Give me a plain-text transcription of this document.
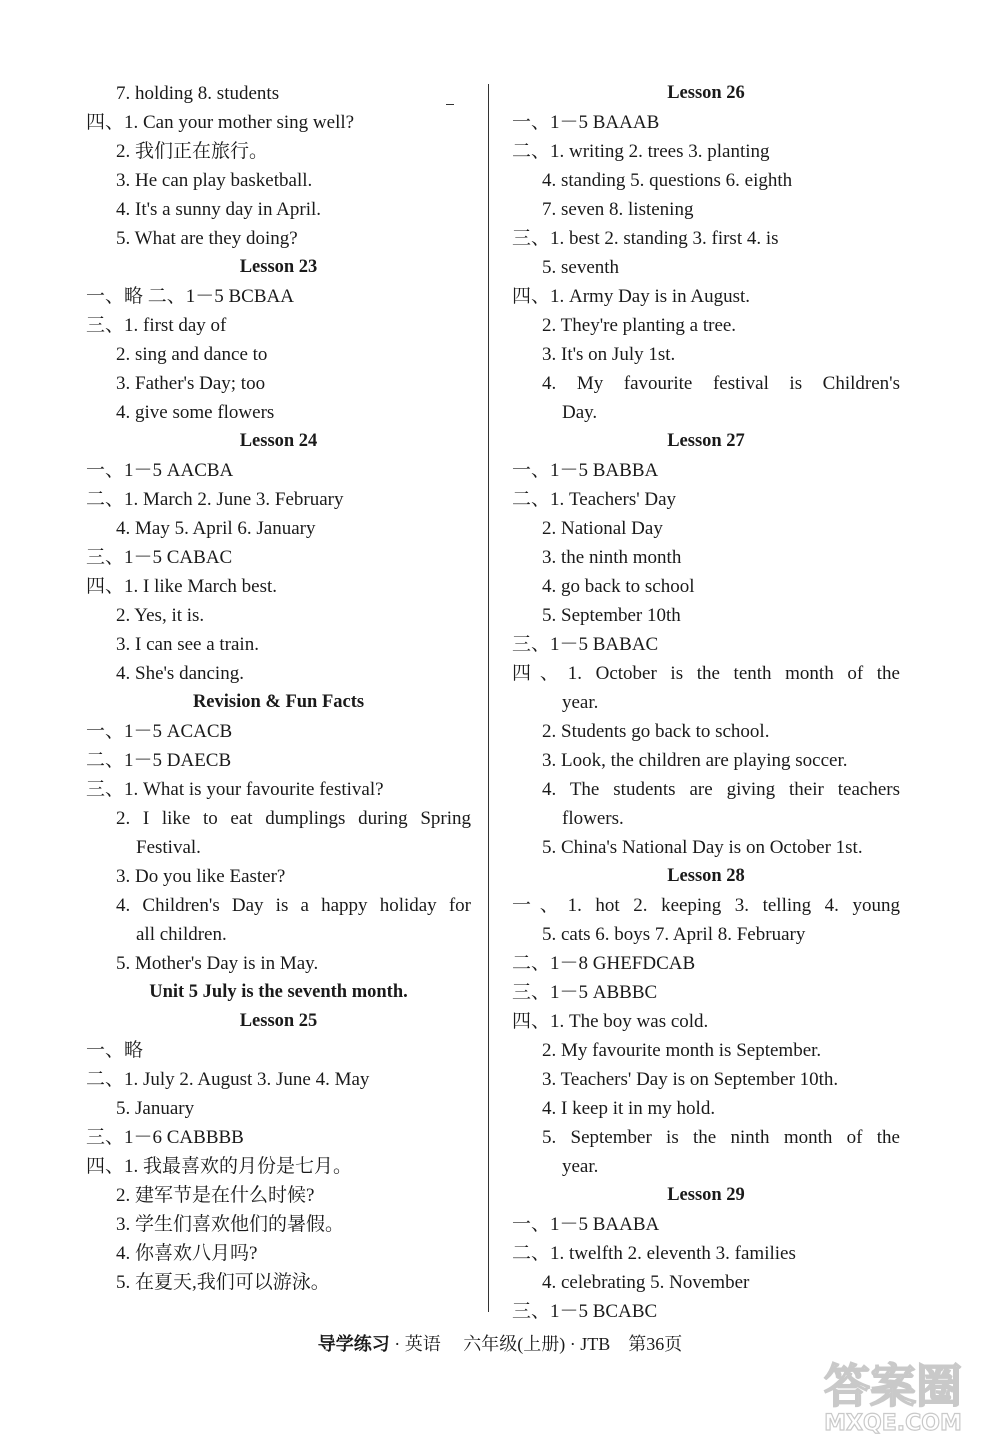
7. holding 8. students
四、1. Can your mother sing well?
2. 我们正在旅行。
3. He can play basketball.
4. It's a sunny day in April.
5. What are they doing?
Lesson 23
一、略 二、1－5 BCBAA
三、1. first day of
2. sing and dance to
3. Father's Day; too
4. give some flowers
Lesson 24
一、1－5 AACBA
二、1. March 2. June 3. February
4. May 5. April 6. January
三、1－5 CABAC
四、1. I like March best.
2. Yes, it is.
3. I can see a train.
4. She's dancing.
Revision & Fun Facts
一、1－5 ACACB
二、1－5 DAECB
三、1. What is your favourite festival?
2. I like to eat dumplings during Spring
Festival.
3. Do you like Easter?
4. Children's Day is a happy holiday for
all children.
5. Mother's Day is in May.
Unit 5 July is the seventh month.
Lesson 25
一、略
二、1. July 2. August 3. June 4. May
5. January
三、1－6 CABBBB
四、1. 我最喜欢的月份是七月。
2. 建军节是在什么时候?
3. 学生们喜欢他们的暑假。
4. 你喜欢八月吗?
5. 在夏天,我们可以游泳。
Lesson 26
一、1－5 BAAAB
二、1. writing 2. trees 3. planting
4. standing 5. questions 6. eighth
7. seven 8. listening
三、1. best 2. standing 3. first 4. is
5. seventh
四、1. Army Day is in August.
2. They're planting a tree.
3. It's on July 1st.
4. My favourite festival is Children's
Day.
Lesson 27
一、1－5 BABBA
二、1. Teachers' Day
2. National Day
3. the ninth month
4. go back to school
5. September 10th
三、1－5 BABAC
四、1. October is the tenth month of the
year.
2. Students go back to school.
3. Look, the children are playing soccer.
4. The students are giving their teachers
flowers.
5. China's National Day is on October 1st.
Lesson 28
一、1. hot 2. keeping 3. telling 4. young
5. cats 6. boys 7. April 8. February
二、1－8 GHEFDCAB
三、1－5 ABBBC
四、1. The boy was cold.
2. My favourite month is September.
3. Teachers' Day is on September 10th.
4. I keep it in my hold.
5. September is the ninth month of the
year.
Lesson 29
一、1－5 BAABA
二、1. twelfth 2. eleventh 3. families
4. celebrating 5. November
三、1－5 BCABC
导学练习 · 英语 六年级(上册) · JTB 第36页
答案圈
MXQE.COM
